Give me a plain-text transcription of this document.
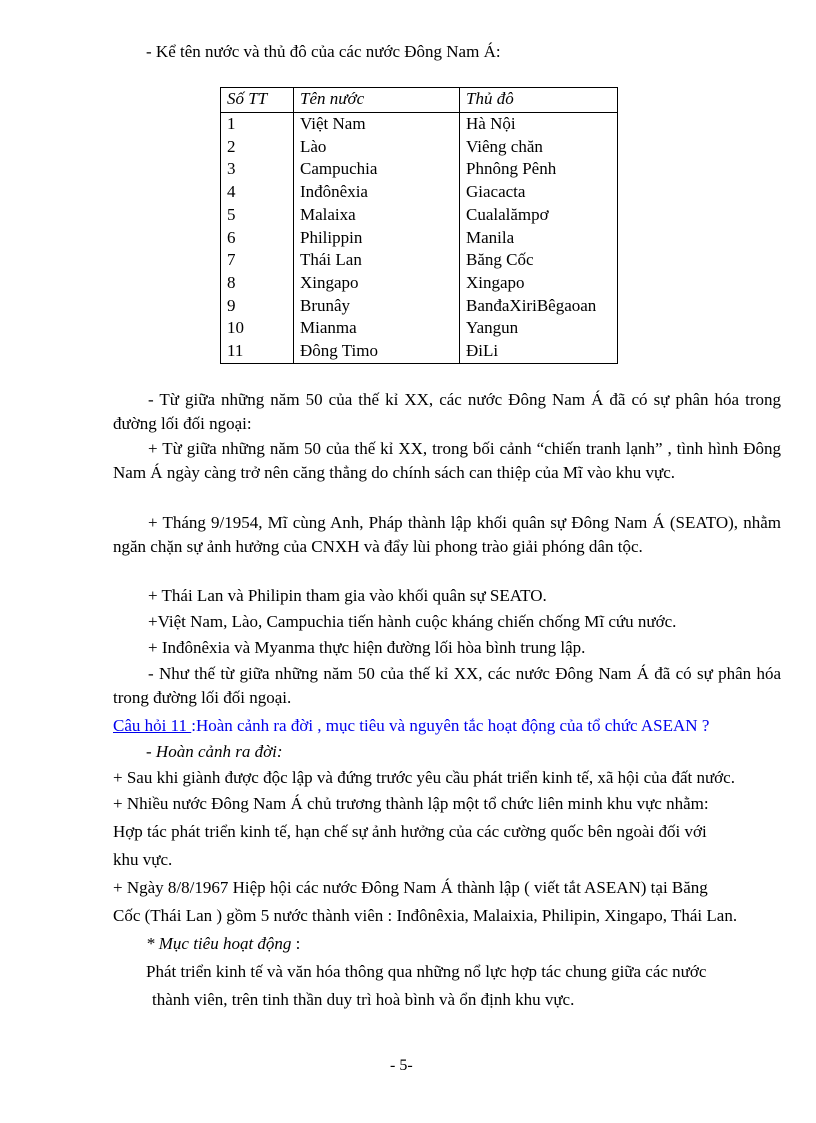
- Kể tên nước và thủ đô của các nước Đông Nam Á:
Số TT	Tên nước	Thủ đô
1	Việt Nam	Hà Nội
2	Lào	Viêng chăn
3	Campuchia	Phnông Pênh
4	Inđônêxia	Giacacta
5	Malaixa	Cualalămpơ
6	Philippin	Manila
7	Thái Lan	Băng Cốc
8	Xingapo	Xingapo
9	Brunây	BanđaXiriBêgaoan
10	Mianma	Yangun
11	Đông Timo	ĐiLi
- Từ giữa những năm 50 của thế kỉ XX, các nước Đông Nam Á đã có sự phân hóa trong đường lối đối ngoại:
+ Từ giữa những năm 50 của thế kỉ XX, trong bối cảnh “chiến tranh lạnh” , tình hình Đông Nam Á ngày càng trở nên căng thẳng do chính sách can thiệp của Mĩ vào khu vực.
+ Tháng 9/1954, Mĩ cùng Anh, Pháp thành lập khối quân sự Đông Nam Á (SEATO), nhằm ngăn chặn sự ảnh hưởng của CNXH và đẩy lùi phong trào giải phóng dân tộc.
+ Thái Lan và Philipin tham gia vào khối quân sự SEATO.
+Việt Nam, Lào, Campuchia tiến hành cuộc kháng chiến chống Mĩ cứu nước.
+ Inđônêxia và Myanma thực hiện đường lối hòa bình trung lập.
- Như thế từ giữa những năm 50 của thế kỉ XX, các nước Đông Nam Á đã có sự phân hóa trong đường lối đối ngoại.
Câu hỏi 11 :Hoàn cảnh ra đời , mục tiêu và nguyên tắc hoạt động của tổ chức ASEAN ?
- Hoàn cảnh ra đời:
+ Sau khi giành được độc lập và đứng trước yêu cầu phát triển kinh tế, xã hội của đất nước.
+ Nhiều nước Đông Nam Á chủ trương thành lập một tổ chức liên minh khu vực nhằm:
Hợp tác phát triển kinh tế, hạn chế sự ảnh hưởng của các cường quốc bên ngoài đối với
khu vực.
+ Ngày 8/8/1967 Hiệp hội các nước Đông Nam Á thành lập ( viết tắt ASEAN) tại Băng
Cốc (Thái Lan ) gồm 5 nước thành viên : Inđônêxia, Malaixia, Philipin, Xingapo, Thái Lan.
* Mục tiêu hoạt động :
Phát triển kinh tế và văn hóa thông qua những nổ lực hợp tác chung giữa các nước
thành viên, trên tinh thần duy trì hoà bình và ổn định khu vực.
- 5-
